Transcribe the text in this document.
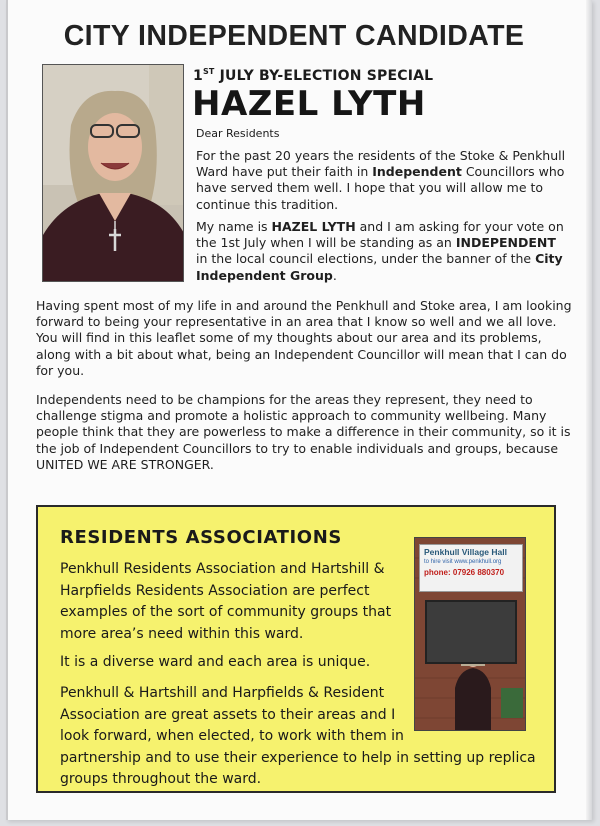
CITY INDEPENDENT CANDIDATE
1ST JULY BY-ELECTION SPECIAL
HAZEL LYTH
Dear Residents

For the past 20 years the residents of the Stoke & Penkhull Ward have put their faith in Independent Councillors who have served them well. I hope that you will allow me to continue this tradition.

My name is HAZEL LYTH and I am asking for your vote on the 1st July when I will be standing as an INDEPENDENT in the local council elections, under the banner of the City Independent Group.

Having spent most of my life in and around the Penkhull and Stoke area, I am looking forward to being your representative in an area that I know so well and we all love. You will find in this leaflet some of my thoughts about our area and its problems, along with a bit about what, being an Independent Councillor will mean that I can do for you.

Independents need to be champions for the areas they represent, they need to challenge stigma and promote a holistic approach to community wellbeing. Many people think that they are powerless to make a difference in their community, so it is the job of Independent Councillors to try to enable individuals and groups, because UNITED WE ARE STRONGER.

RESIDENTS ASSOCIATIONS

Penkhull Residents Association and Hartshill & Harpfields Residents Association are perfect examples of the sort of community groups that more area’s need within this ward.

It is a diverse ward and each area is unique.

Penkhull & Hartshill and Harpfields & Resident
Association are great assets to their areas and I
look forward, when elected, to work with them in
partnership and to use their experience to help in setting up replica
groups throughout the ward.

Penkhull Village Hall
to hire visit www.penkhull.org
phone: 07926 880370
